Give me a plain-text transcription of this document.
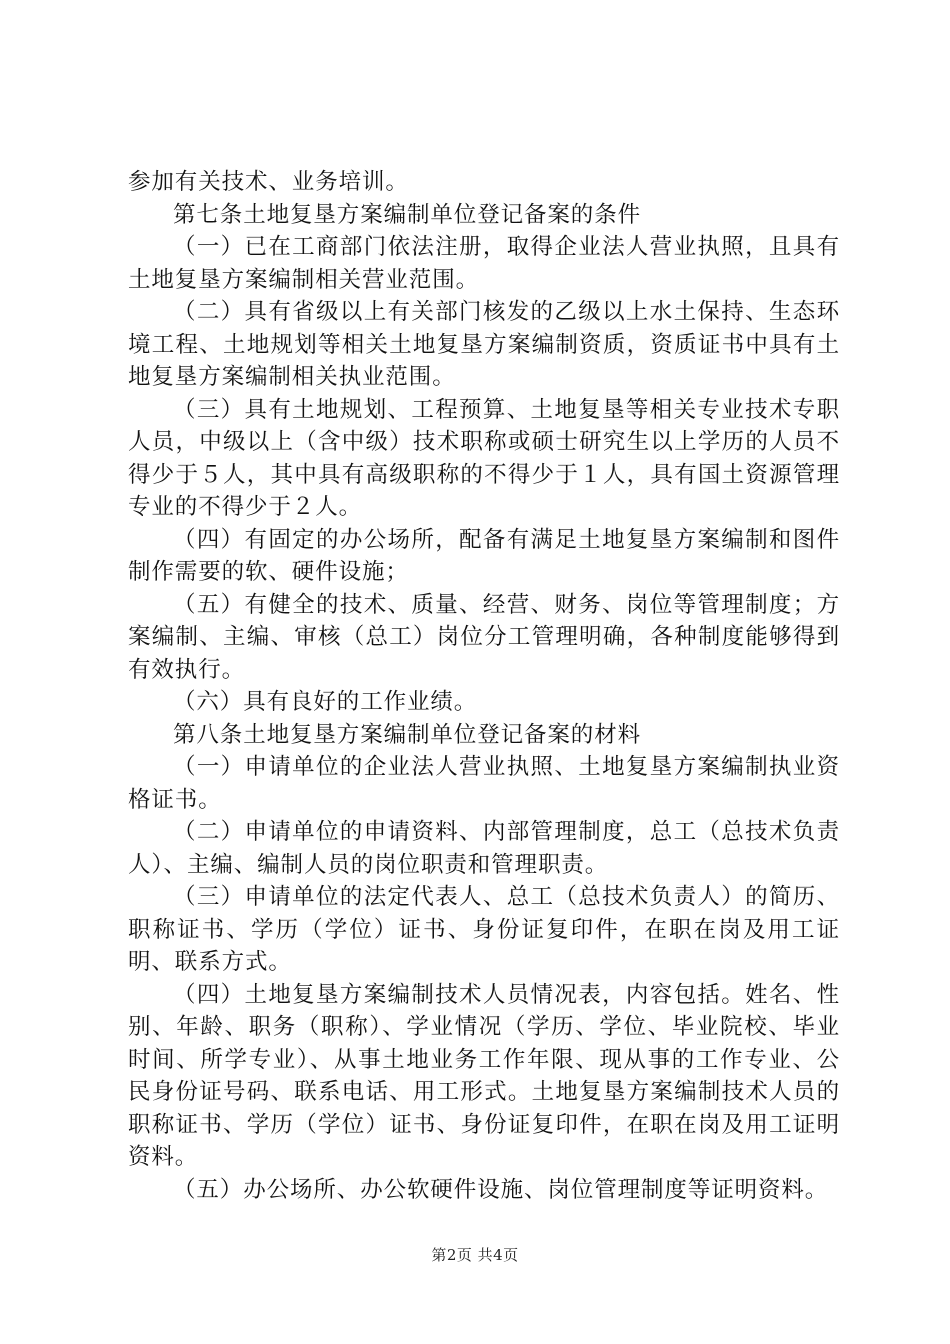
参加有关技术、业务培训。

第七条土地复垦方案编制单位登记备案的条件

（一）已在工商部门依法注册，取得企业法人营业执照，且具有土地复垦方案编制相关营业范围。

（二）具有省级以上有关部门核发的乙级以上水土保持、生态环境工程、土地规划等相关土地复垦方案编制资质，资质证书中具有土地复垦方案编制相关执业范围。

（三）具有土地规划、工程预算、土地复垦等相关专业技术专职人员，中级以上（含中级）技术职称或硕士研究生以上学历的人员不得少于５人，其中具有高级职称的不得少于１人，具有国土资源管理专业的不得少于２人。

（四）有固定的办公场所，配备有满足土地复垦方案编制和图件制作需要的软、硬件设施；

（五）有健全的技术、质量、经营、财务、岗位等管理制度；方案编制、主编、审核（总工）岗位分工管理明确，各种制度能够得到有效执行。

（六）具有良好的工作业绩。

第八条土地复垦方案编制单位登记备案的材料

（一）申请单位的企业法人营业执照、土地复垦方案编制执业资格证书。

（二）申请单位的申请资料、内部管理制度，总工（总技术负责人）、主编、编制人员的岗位职责和管理职责。

（三）申请单位的法定代表人、总工（总技术负责人）的简历、职称证书、学历（学位）证书、身份证复印件，在职在岗及用工证明、联系方式。

（四）土地复垦方案编制技术人员情况表，内容包括。姓名、性别、年龄、职务（职称）、学业情况（学历、学位、毕业院校、毕业时间、所学专业）、从事土地业务工作年限、现从事的工作专业、公民身份证号码、联系电话、用工形式。土地复垦方案编制技术人员的职称证书、学历（学位）证书、身份证复印件，在职在岗及用工证明资料。

（五）办公场所、办公软硬件设施、岗位管理制度等证明资料。

第2页 共4页
